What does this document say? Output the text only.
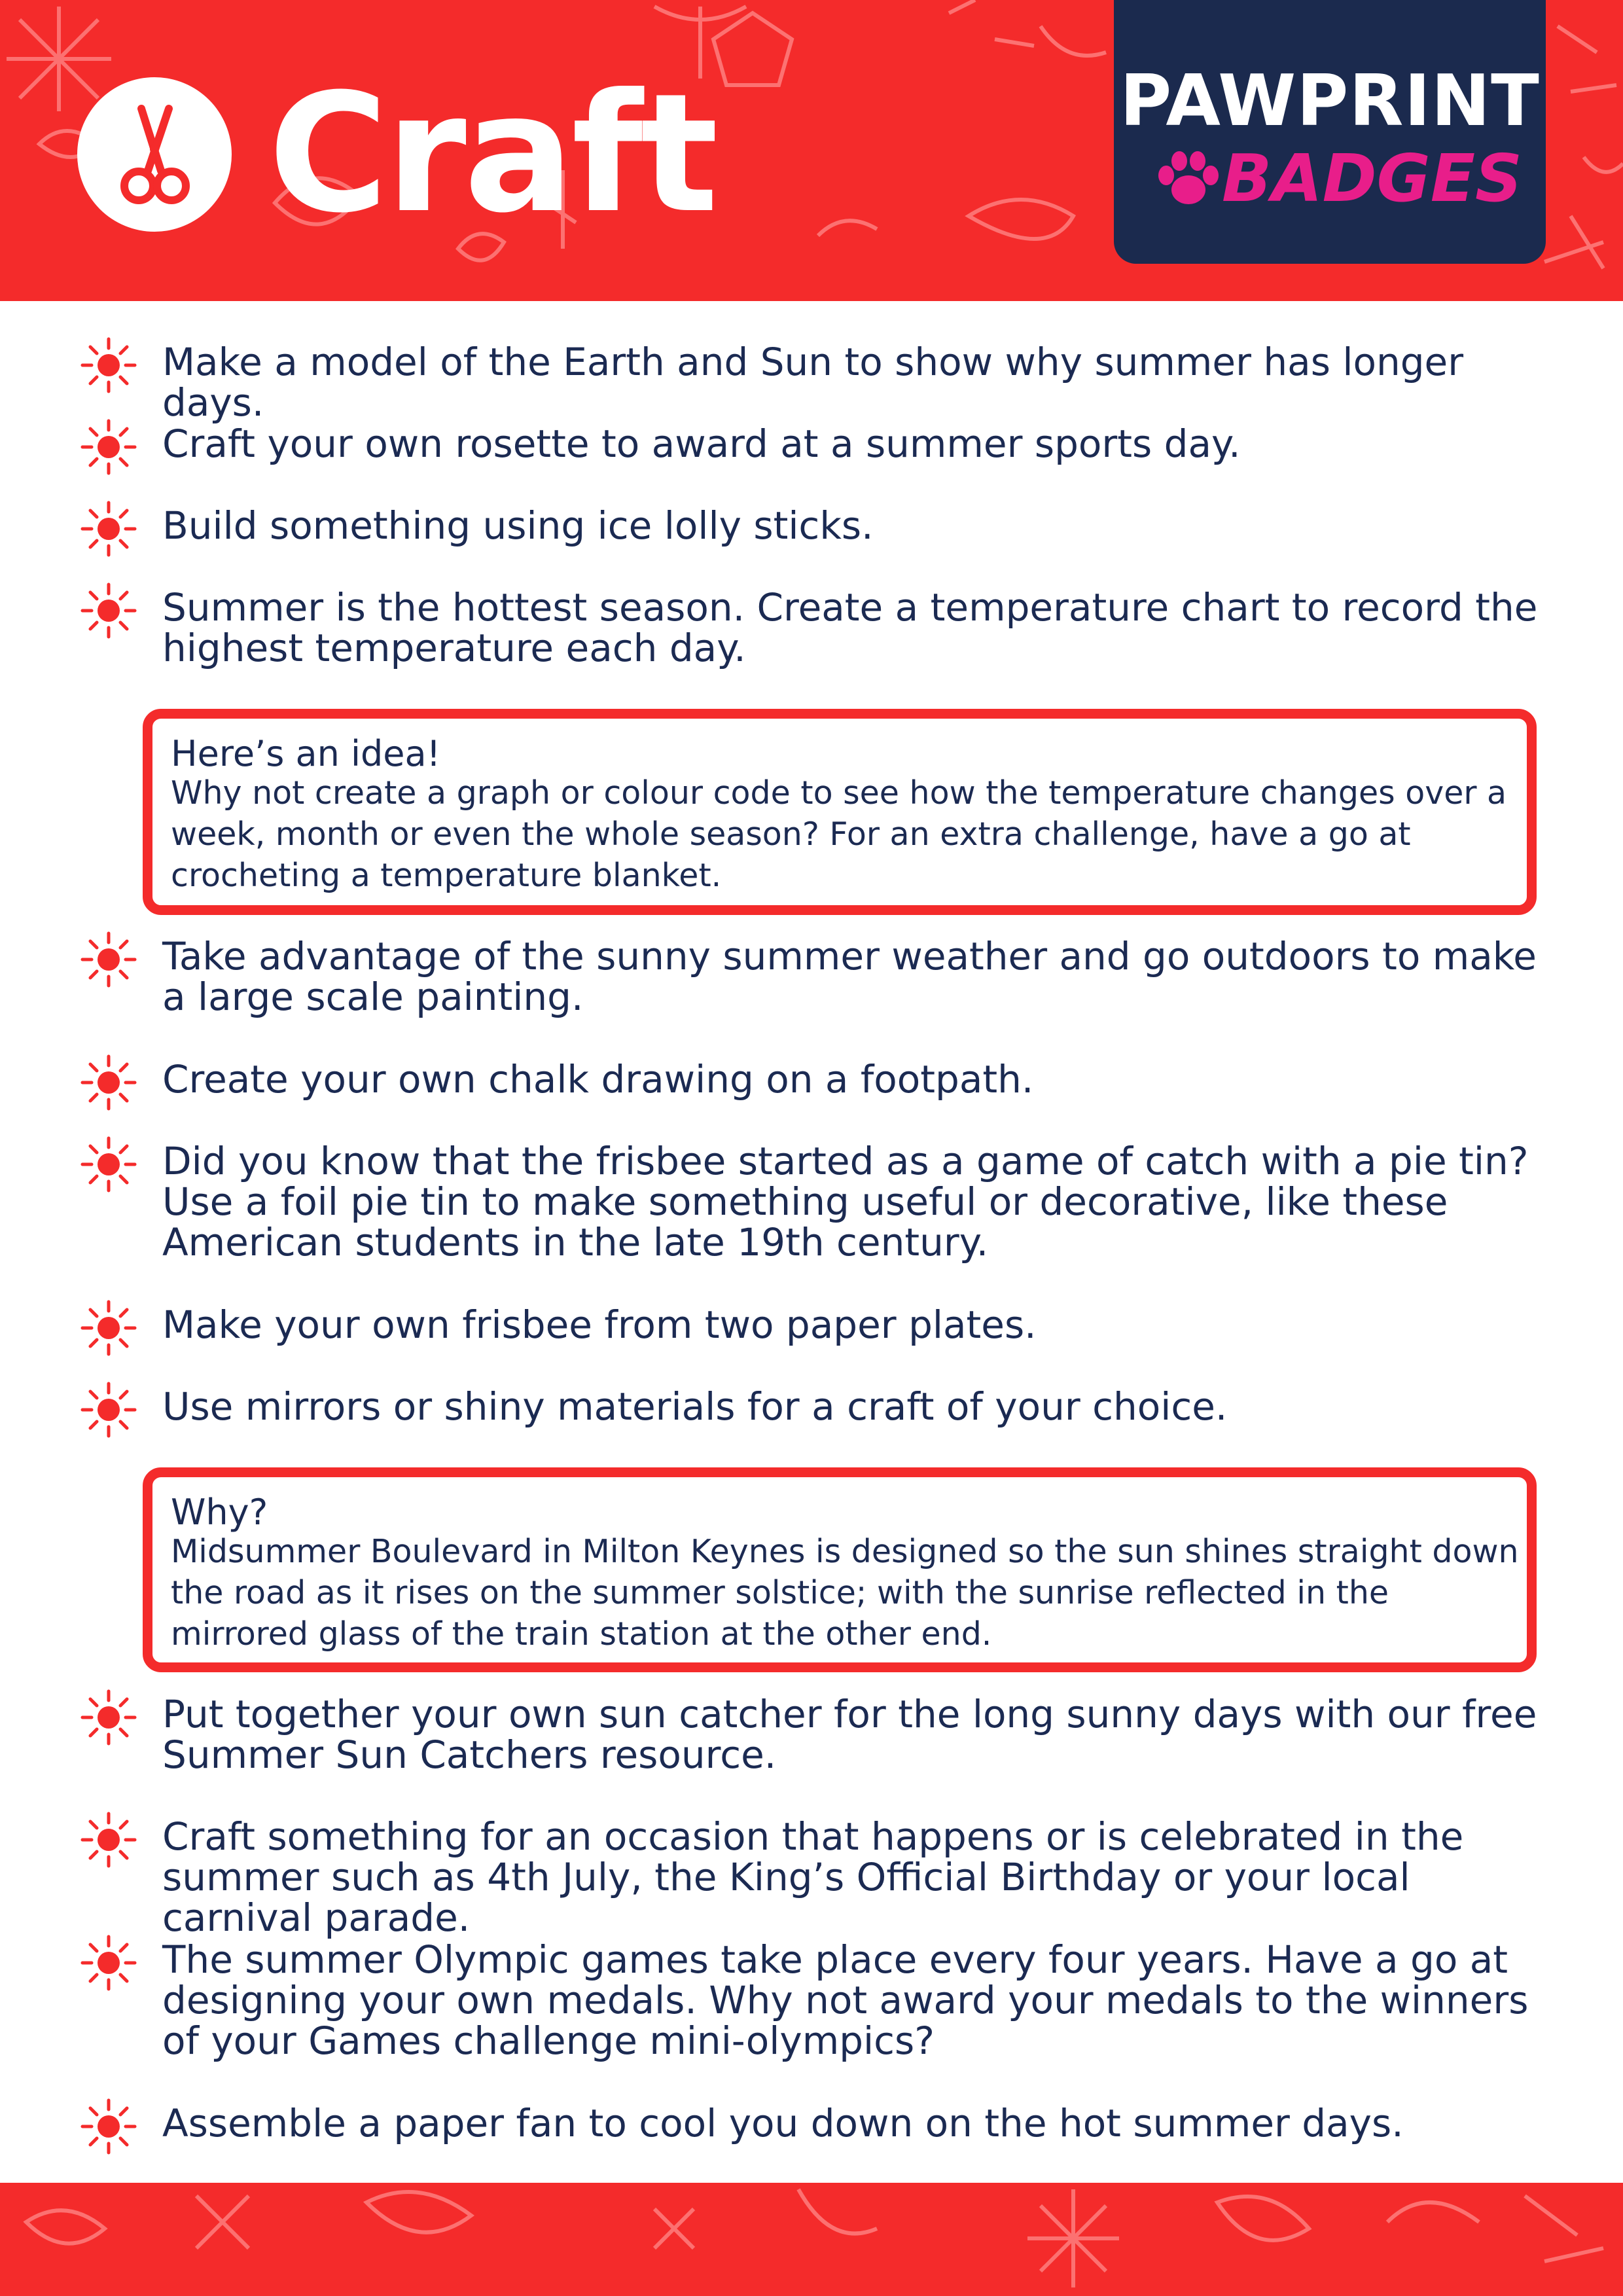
Craft	PAWPRINT
BADGES
Make a model of the Earth and Sun to show why summer has longer days.
Craft your own rosette to award at a summer sports day.
Build something using ice lolly sticks.
Summer is the hottest season. Create a temperature chart to record the highest temperature each day.
Here’s an idea!
Why not create a graph or colour code to see how the temperature changes over a week, month or even the whole season? For an extra challenge, have a go at crocheting a temperature blanket.
Take advantage of the sunny summer weather and go outdoors to make a large scale painting.
Create your own chalk drawing on a footpath.
Did you know that the frisbee started as a game of catch with a pie tin? Use a foil pie tin to make something useful or decorative, like these American students in the late 19th century.
Make your own frisbee from two paper plates.
Use mirrors or shiny materials for a craft of your choice.
Why?
Midsummer Boulevard in Milton Keynes is designed so the sun shines straight down the road as it rises on the summer solstice; with the sunrise reflected in the mirrored glass of the train station at the other end.
Put together your own sun catcher for the long sunny days with our free Summer Sun Catchers resource.
Craft something for an occasion that happens or is celebrated in the summer such as 4th July, the King’s Official Birthday or your local carnival parade.
The summer Olympic games take place every four years. Have a go at designing your own medals. Why not award your medals to the winners of your Games challenge mini-olympics?
Assemble a paper fan to cool you down on the hot summer days.
